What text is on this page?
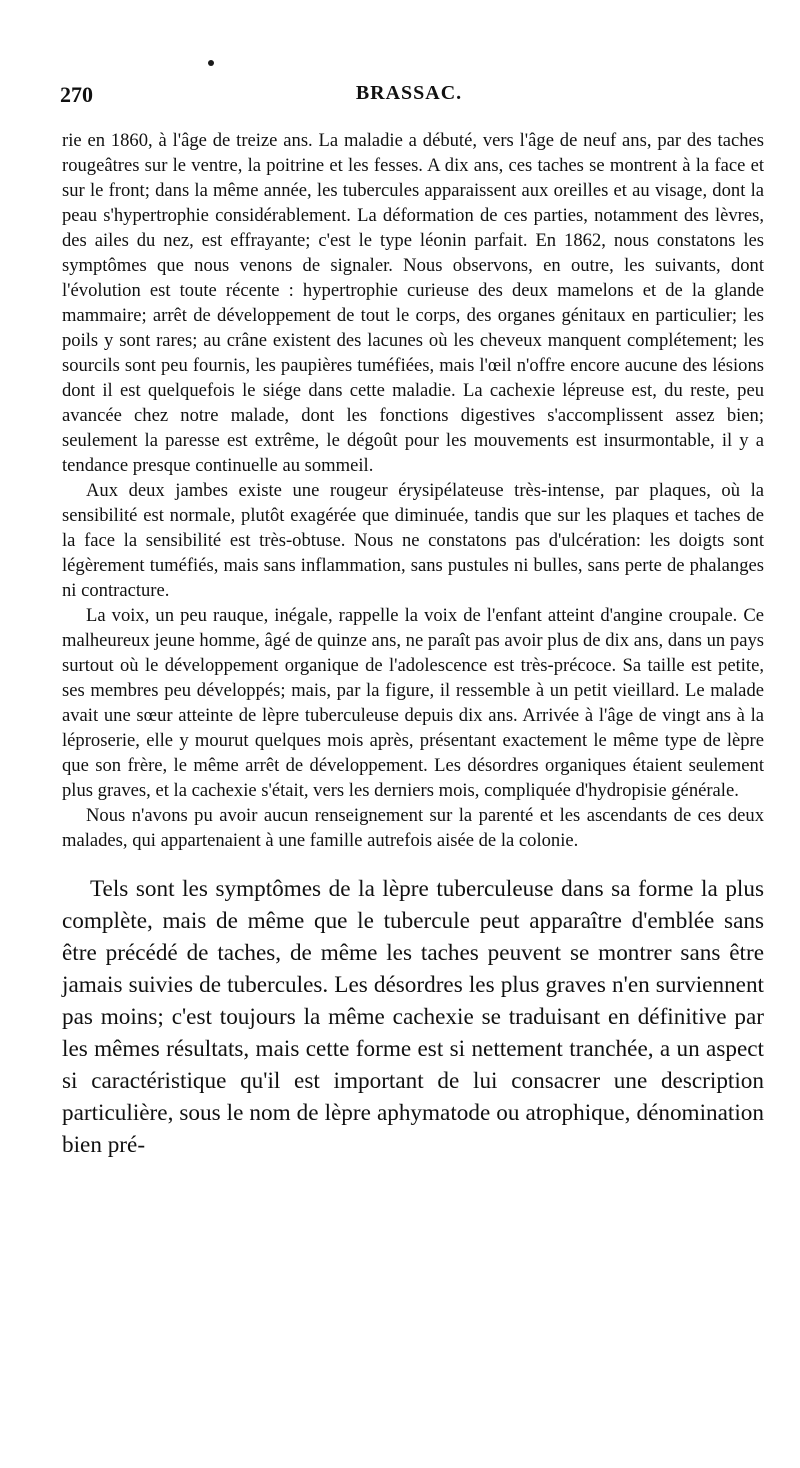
270	BRASSAC.

rie en 1860, à l'âge de treize ans. La maladie a débuté, vers l'âge de neuf ans, par des taches rougeâtres sur le ventre, la poitrine et les fesses. A dix ans, ces taches se montrent à la face et sur le front; dans la même année, les tubercules apparaissent aux oreilles et au visage, dont la peau s'hypertrophie considérablement. La déformation de ces parties, notamment des lèvres, des ailes du nez, est effrayante; c'est le type léonin parfait. En 1862, nous constatons les symptômes que nous venons de signaler. Nous observons, en outre, les suivants, dont l'évolution est toute récente : hypertrophie curieuse des deux mamelons et de la glande mammaire; arrêt de développement de tout le corps, des organes génitaux en particulier; les poils y sont rares; au crâne existent des lacunes où les cheveux manquent complétement; les sourcils sont peu fournis, les paupières tuméfiées, mais l'œil n'offre encore aucune des lésions dont il est quelquefois le siége dans cette maladie. La cachexie lépreuse est, du reste, peu avancée chez notre malade, dont les fonctions digestives s'accomplissent assez bien; seulement la paresse est extrême, le dégoût pour les mouvements est insurmontable, il y a tendance presque continuelle au sommeil.

Aux deux jambes existe une rougeur érysipélateuse très-intense, par plaques, où la sensibilité est normale, plutôt exagérée que diminuée, tandis que sur les plaques et taches de la face la sensibilité est très-obtuse. Nous ne constatons pas d'ulcération: les doigts sont légèrement tuméfiés, mais sans inflammation, sans pustules ni bulles, sans perte de phalanges ni contracture.

La voix, un peu rauque, inégale, rappelle la voix de l'enfant atteint d'angine croupale. Ce malheureux jeune homme, âgé de quinze ans, ne paraît pas avoir plus de dix ans, dans un pays surtout où le développement organique de l'adolescence est très-précoce. Sa taille est petite, ses membres peu développés; mais, par la figure, il ressemble à un petit vieillard. Le malade avait une sœur atteinte de lèpre tuberculeuse depuis dix ans. Arrivée à l'âge de vingt ans à la léproserie, elle y mourut quelques mois après, présentant exactement le même type de lèpre que son frère, le même arrêt de développement. Les désordres organiques étaient seulement plus graves, et la cachexie s'était, vers les derniers mois, compliquée d'hydropisie générale.

Nous n'avons pu avoir aucun renseignement sur la parenté et les ascendants de ces deux malades, qui appartenaient à une famille autrefois aisée de la colonie.

Tels sont les symptômes de la lèpre tuberculeuse dans sa forme la plus complète, mais de même que le tubercule peut apparaître d'emblée sans être précédé de taches, de même les taches peuvent se montrer sans être jamais suivies de tubercules. Les désordres les plus graves n'en surviennent pas moins; c'est toujours la même cachexie se traduisant en définitive par les mêmes résultats, mais cette forme est si nettement tranchée, a un aspect si caractéristique qu'il est important de lui consacrer une description particulière, sous le nom de lèpre aphymatode ou atrophique, dénomination bien pré-
